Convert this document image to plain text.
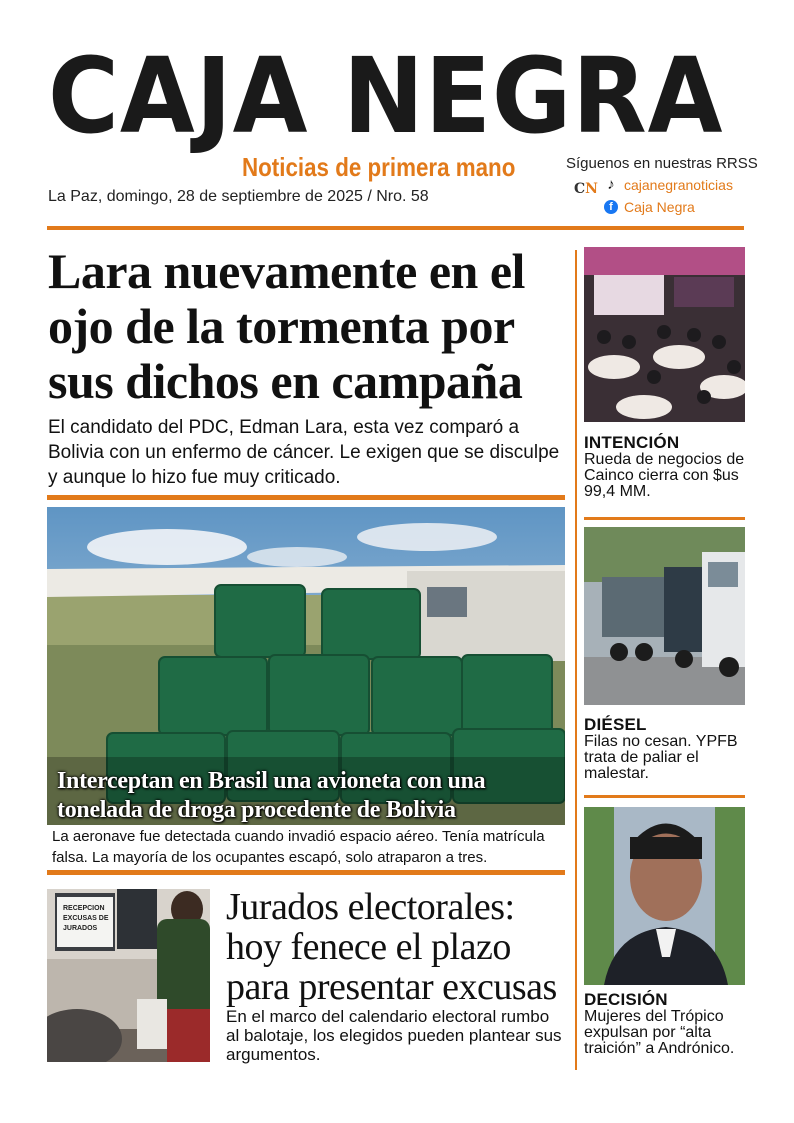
CAJA NEGRA
Noticias de primera mano
La Paz, domingo, 28 de septiembre de 2025 / Nro. 58
Síguenos en nuestras RRSS
CN ♪ cajanegranoticias
f Caja Negra
Lara nuevamente en el ojo de la tormenta por sus dichos en campaña
El candidato del PDC, Edman Lara, esta vez comparó a Bolivia con un enfermo de cáncer. Le exigen que se disculpe y aunque lo hizo fue muy criticado.
Interceptan en Brasil una avioneta con una tonelada de droga procedente de Bolivia
La aeronave fue detectada cuando invadió espacio aéreo. Tenía matrícula falsa. La mayoría de los ocupantes escapó, solo atraparon a tres.
RECEPCION
EXCUSAS DE
JURADOS
Jurados electorales: hoy fenece el plazo para presentar excusas
En el marco del calendario electoral rumbo al balotaje, los elegidos pueden plantear sus argumentos.
INTENCIÓN
Rueda de negocios de Cainco cierra con $us 99,4 MM.
DIÉSEL
Filas no cesan. YPFB trata de paliar el malestar.
DECISIÓN
Mujeres del Trópico expulsan por “alta traición” a Andrónico.
